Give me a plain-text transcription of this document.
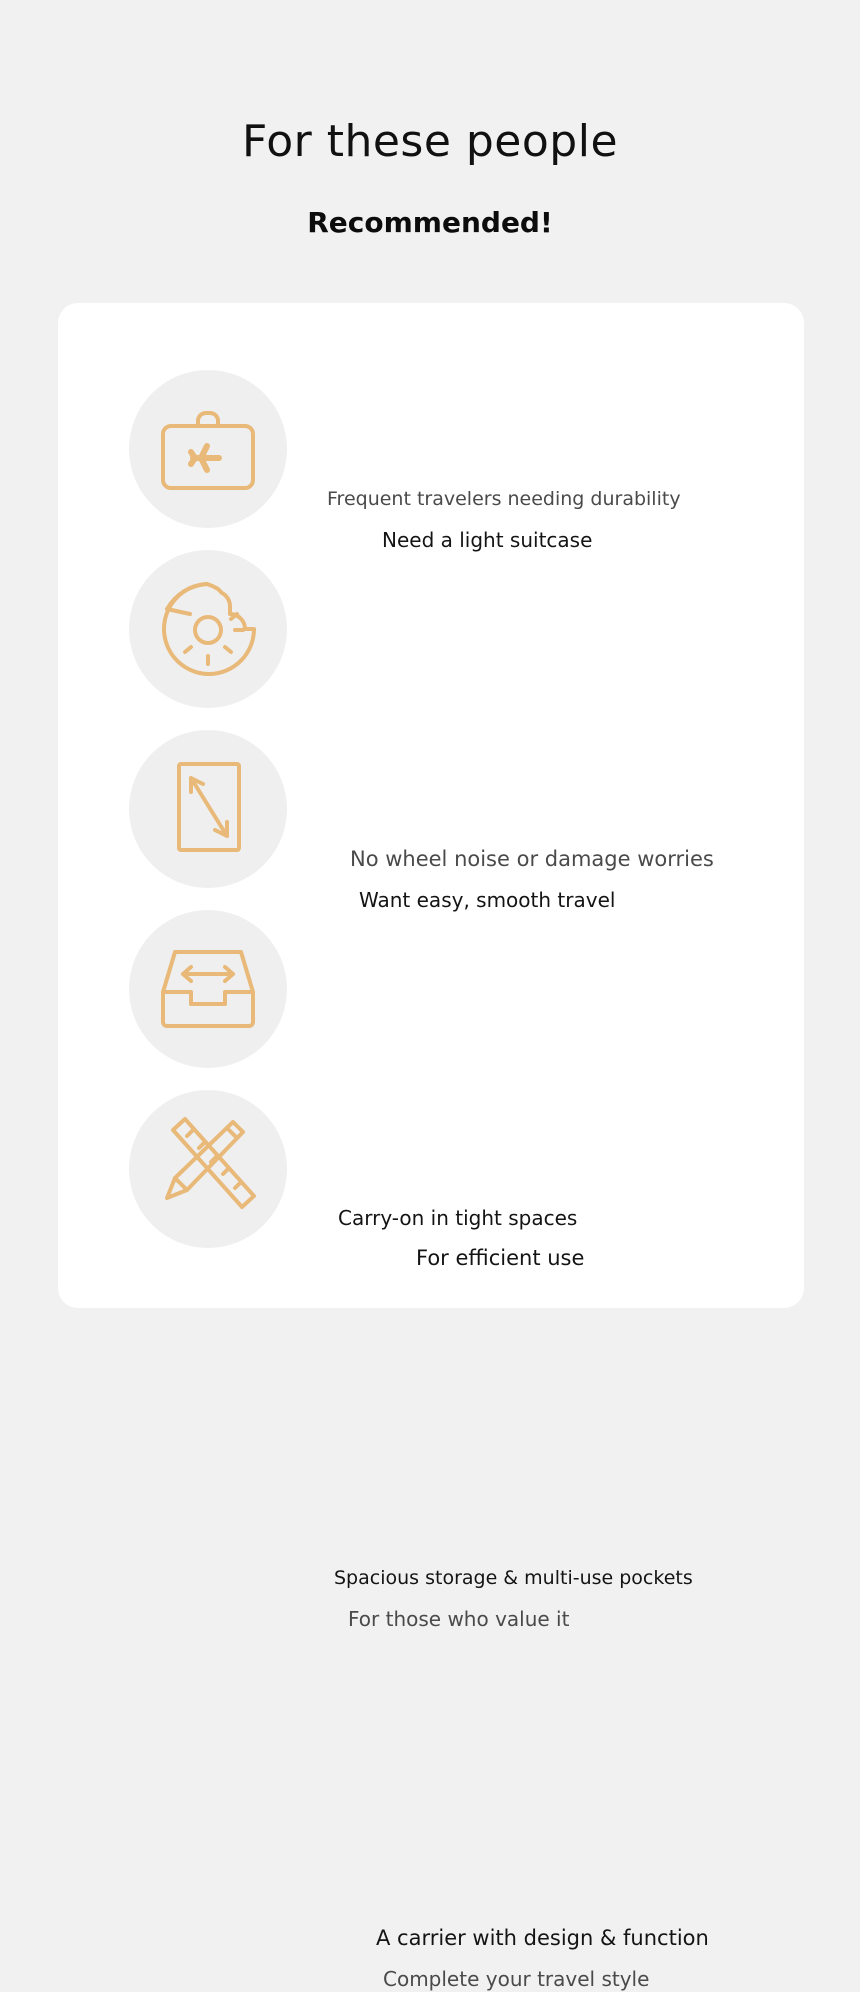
For these people
Recommended!
Frequent travelers needing durability
Need a light suitcase
No wheel noise or damage worries
Want easy, smooth travel
Carry-on in tight spaces
For efficient use
Spacious storage & multi-use pockets
For those who value it
A carrier with design & function
Complete your travel style
